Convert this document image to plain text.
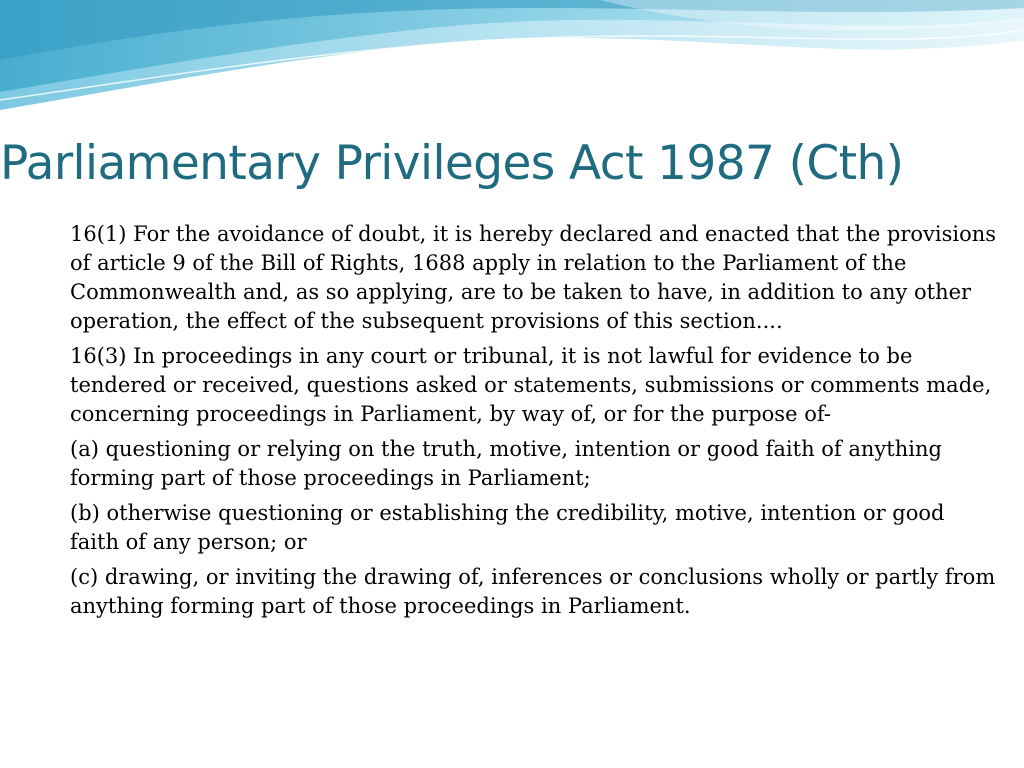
Parliamentary Privileges Act 1987 (Cth)

16(1) For the avoidance of doubt, it is hereby declared and enacted that the provisions of article 9 of the Bill of Rights, 1688 apply in relation to the Parliament of the Commonwealth and, as so applying, are to be taken to have, in addition to any other operation, the effect of the subsequent provisions of this section....

16(3) In proceedings in any court or tribunal, it is not lawful for evidence to be tendered or received, questions asked or statements, submissions or comments made, concerning proceedings in Parliament, by way of, or for the purpose of-

(a) questioning or relying on the truth, motive, intention or good faith of anything forming part of those proceedings in Parliament;

(b) otherwise questioning or establishing the credibility, motive, intention or good faith of any person; or

(c) drawing, or inviting the drawing of, inferences or conclusions wholly or partly from anything forming part of those proceedings in Parliament.
